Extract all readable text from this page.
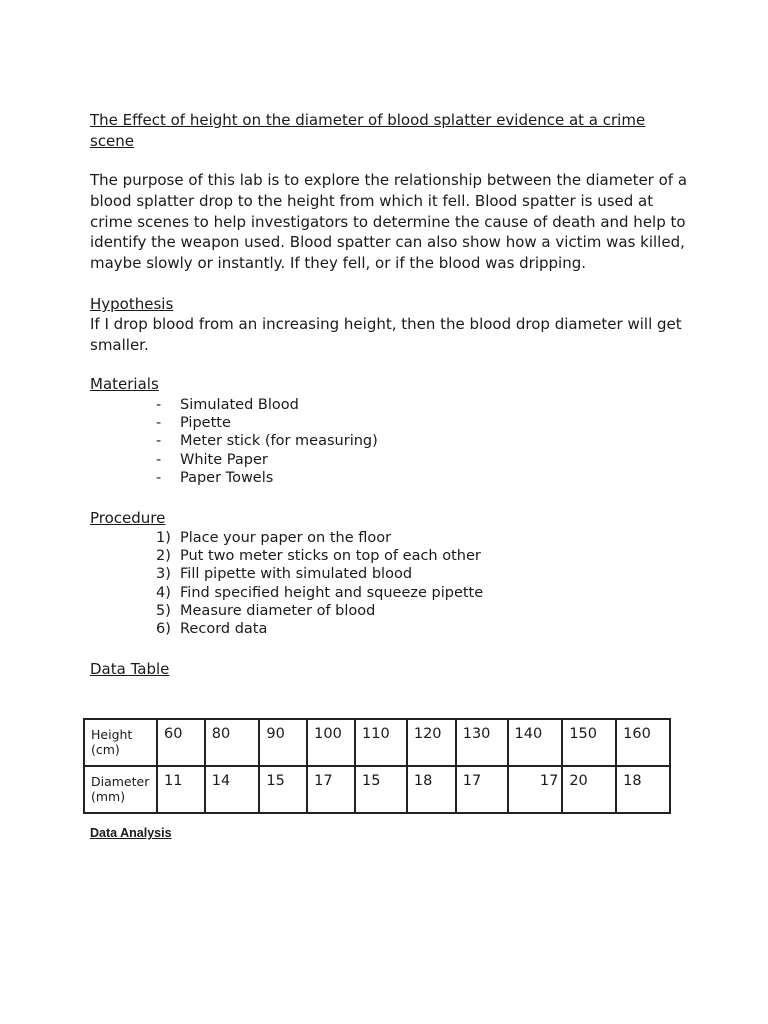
The Effect of height on the diameter of blood splatter evidence at a crime scene

The purpose of this lab is to explore the relationship between the diameter of a blood splatter drop to the height from which it fell. Blood spatter is used at crime scenes to help investigators to determine the cause of death and help to identify the weapon used. Blood spatter can also show how a victim was killed, maybe slowly or instantly. If they fell, or if the blood was dripping.

Hypothesis

If I drop blood from an increasing height, then the blood drop diameter will get smaller.

Materials
-	Simulated Blood
-	Pipette
-	Meter stick (for measuring)
-	White Paper
-	Paper Towels
Procedure
1) Place your paper on the floor
2) Put two meter sticks on top of each other
3) Fill pipette with simulated blood
4) Find specified height and squeeze pipette
5) Measure diameter of blood
6) Record data
Data Table
Height (cm)	60	80	90	100	110	120	130	140	150	160
Diameter (mm)	11	14	15	17	15	18	17	17	20	18
Data Analysis
